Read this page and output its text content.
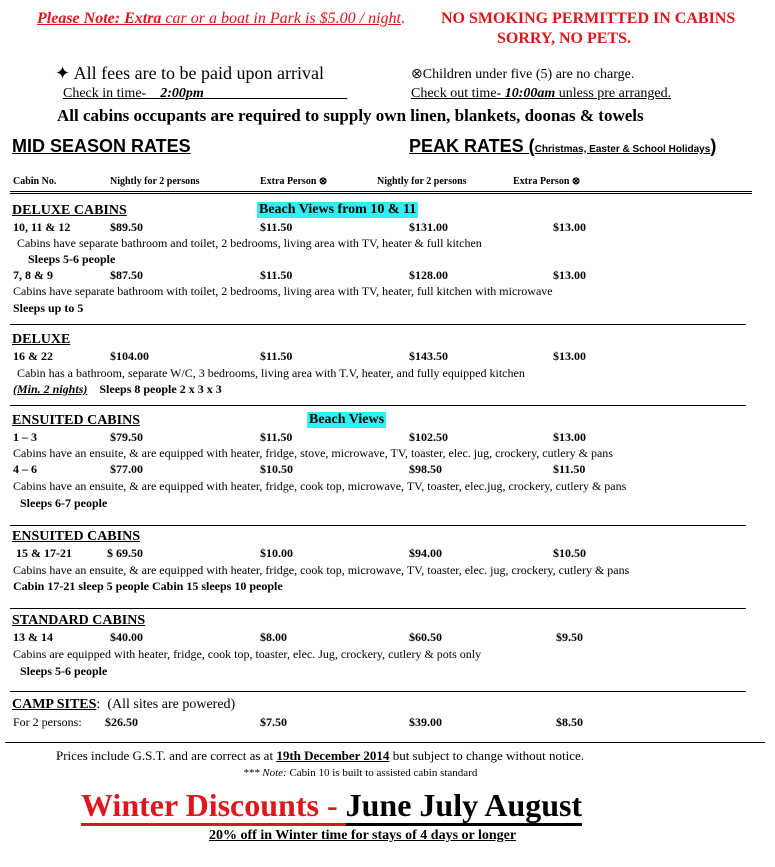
Please Note: Extra car or a boat in Park is $5.00 / night. NO SMOKING PERMITTED IN CABINS
SORRY, NO PETS.
✦ All fees are to be paid upon arrival
Check in time- 2:00pm
⊗Children under five (5) are no charge.
Check out time- 10:00am unless pre arranged.
All cabins occupants are required to supply own linen, blankets, doonas & towels
MID SEASON RATES	PEAK RATES (Christmas, Easter & School Holidays)
Cabin No.	Nightly for 2 persons	Extra Person ⊗	Nightly for 2 persons	Extra Person ⊗
DELUXE CABINS	Beach Views from 10 & 11
10, 11 & 12	$89.50	$11.50	$131.00	$13.00
Cabins have separate bathroom and toilet, 2 bedrooms, living area with TV, heater & full kitchen
Sleeps 5-6 people
7, 8 & 9	$87.50	$11.50	$128.00	$13.00
Cabins have separate bathroom with toilet, 2 bedrooms, living area with TV, heater, full kitchen with microwave
Sleeps up to 5
DELUXE
16 & 22	$104.00	$11.50	$143.50	$13.00
Cabin has a bathroom, separate W/C, 3 bedrooms, living area with T.V, heater, and fully equipped kitchen
(Min. 2 nights) Sleeps 8 people 2 x 3 x 3
ENSUITED CABINS	Beach Views
1 – 3	$79.50	$11.50	$102.50	$13.00
Cabins have an ensuite, & are equipped with heater, fridge, stove, microwave, TV, toaster, elec. jug, crockery, cutlery & pans
4 – 6	$77.00	$10.50	$98.50	$11.50
Cabins have an ensuite, & are equipped with heater, fridge, cook top, microwave, TV, toaster, elec.jug, crockery, cutlery & pans
Sleeps 6-7 people
ENSUITED CABINS
15 & 17-21	$ 69.50	$10.00	$94.00	$10.50
Cabins have an ensuite, & are equipped with heater, fridge, cook top, microwave, TV, toaster, elec. jug, crockery, cutlery & pans
Cabin 17-21 sleep 5 people Cabin 15 sleeps 10 people
STANDARD CABINS
13 & 14	$40.00	$8.00	$60.50	$9.50
Cabins are equipped with heater, fridge, cook top, toaster, elec. Jug, crockery, cutlery & pots only
Sleeps 5-6 people
CAMP SITES: (All sites are powered)
For 2 persons: $26.50	$7.50	$39.00	$8.50
Prices include G.S.T. and are correct as at 19th December 2014 but subject to change without notice.
*** Note: Cabin 10 is built to assisted cabin standard
Winter Discounts - June July August
20% off in Winter time for stays of 4 days or longer
